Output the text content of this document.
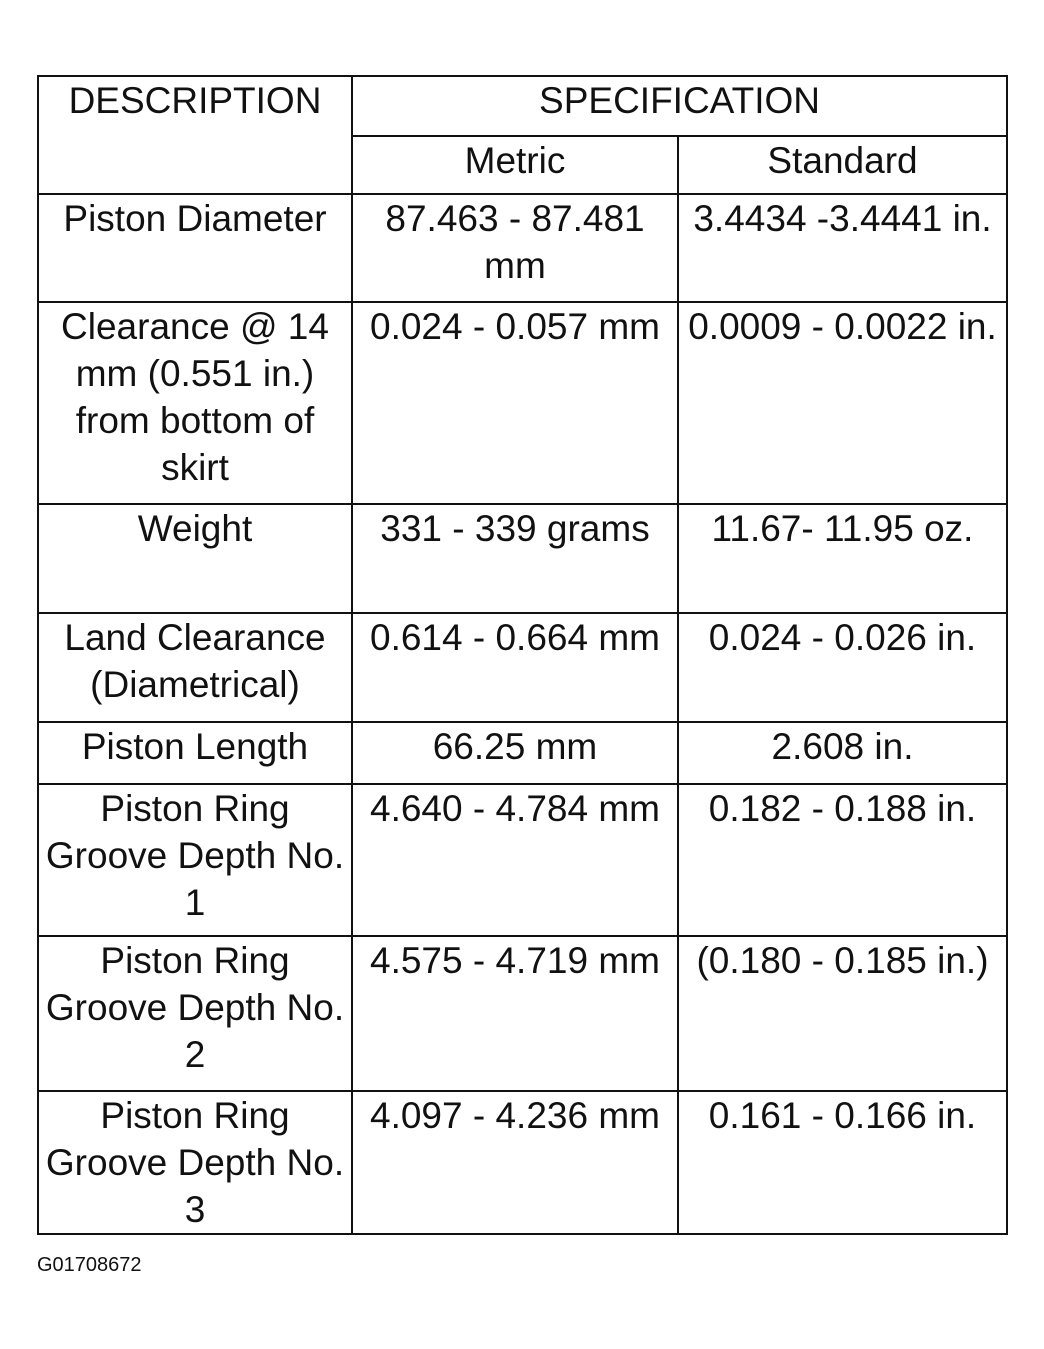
DESCRIPTION	SPECIFICATION	
	Metric	Standard
Piston Diameter	87.463 - 87.481 mm	3.4434 -3.4441 in.
Clearance @ 14 mm (0.551 in.) from bottom of skirt	0.024 - 0.057 mm	0.0009 - 0.0022 in.
Weight	331 - 339 grams	11.67- 11.95 oz.
Land Clearance (Diametrical)	0.614 - 0.664 mm	0.024 - 0.026 in.
Piston Length	66.25 mm	2.608 in.
Piston Ring Groove Depth No. 1	4.640 - 4.784 mm	0.182 - 0.188 in.
Piston Ring Groove Depth No. 2	4.575 - 4.719 mm	(0.180 - 0.185 in.)
Piston Ring Groove Depth No. 3	4.097 - 4.236 mm	0.161 - 0.166 in.
G01708672
